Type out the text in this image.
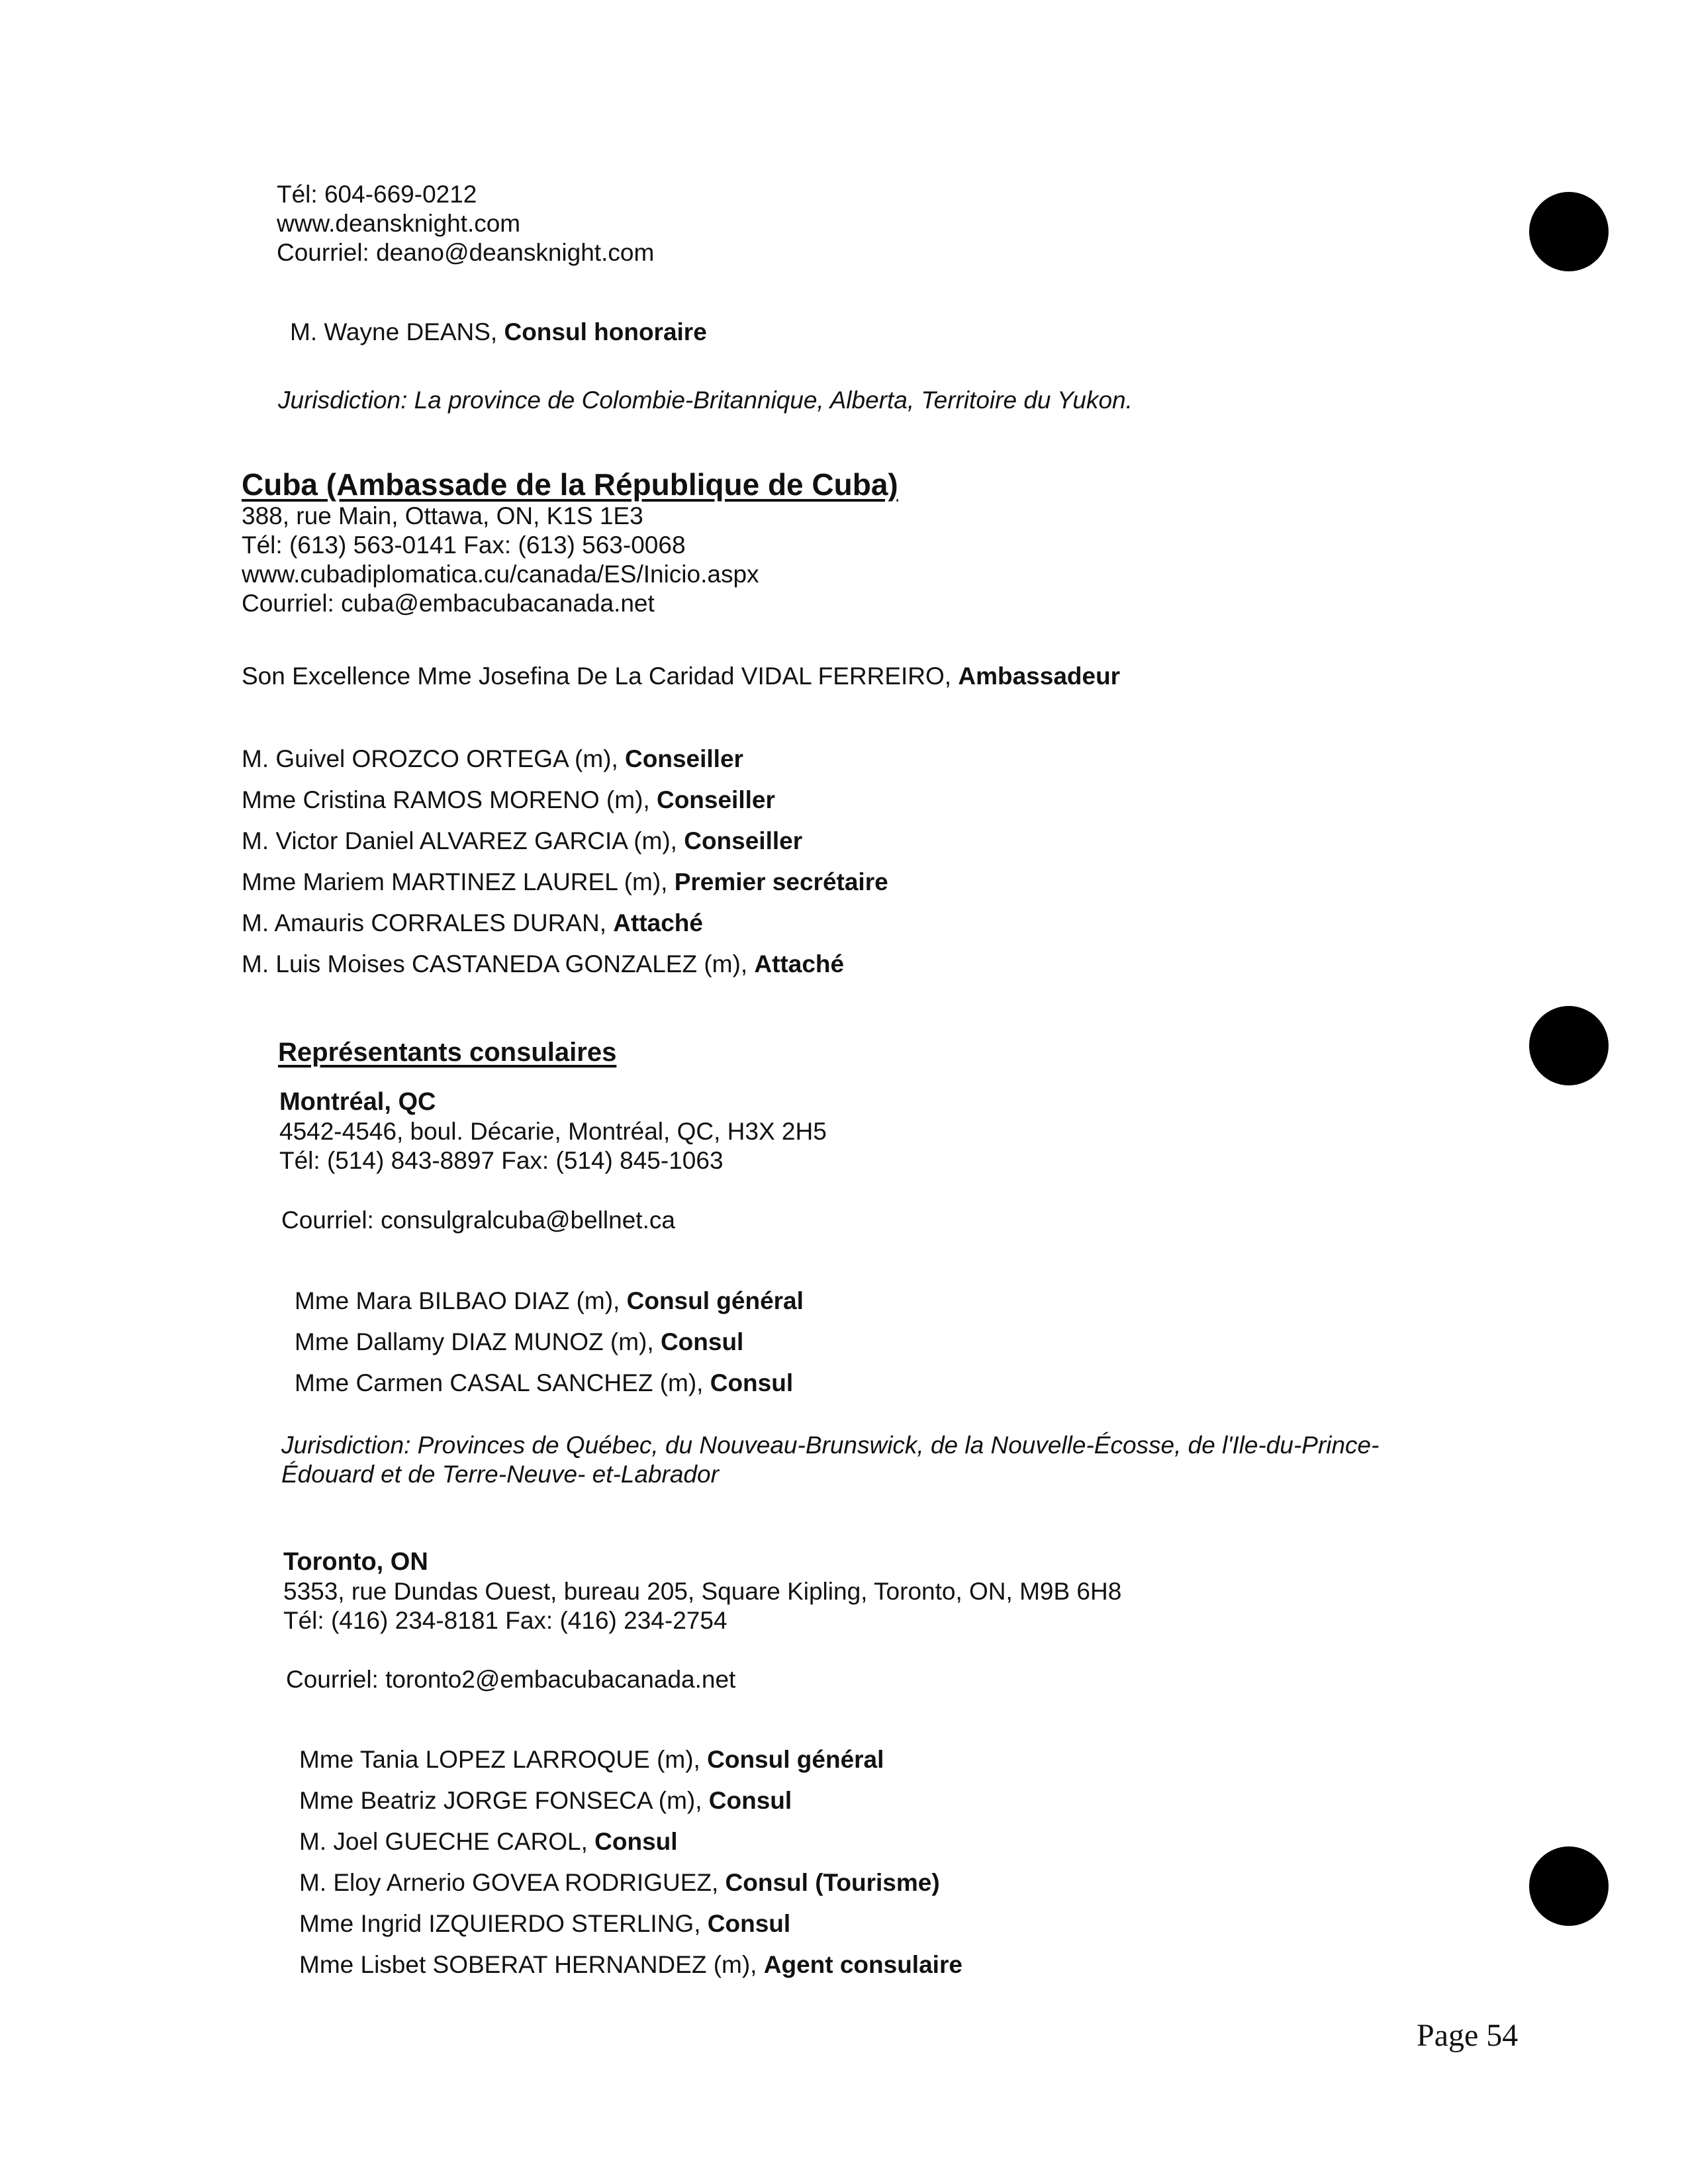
Tél: 604-669-0212
www.deansknight.com
Courriel: deano@deansknight.com
M. Wayne DEANS, Consul honoraire
Jurisdiction: La province de Colombie-Britannique, Alberta, Territoire du Yukon.
Cuba (Ambassade de la République de Cuba)
388, rue Main, Ottawa, ON, K1S 1E3
Tél: (613) 563-0141 Fax: (613) 563-0068
www.cubadiplomatica.cu/canada/ES/Inicio.aspx
Courriel: cuba@embacubacanada.net
Son Excellence Mme Josefina De La Caridad VIDAL FERREIRO, Ambassadeur
M. Guivel OROZCO ORTEGA (m), Conseiller
Mme Cristina RAMOS MORENO (m), Conseiller
M. Victor Daniel ALVAREZ GARCIA (m), Conseiller
Mme Mariem MARTINEZ LAUREL (m), Premier secrétaire
M. Amauris CORRALES DURAN, Attaché
M. Luis Moises CASTANEDA GONZALEZ (m), Attaché
Représentants consulaires
Montréal, QC
4542-4546, boul. Décarie, Montréal, QC, H3X 2H5
Tél: (514) 843-8897 Fax: (514) 845-1063
Courriel: consulgralcuba@bellnet.ca
Mme Mara BILBAO DIAZ (m), Consul général
Mme Dallamy DIAZ MUNOZ (m), Consul
Mme Carmen CASAL SANCHEZ (m), Consul
Jurisdiction: Provinces de Québec, du Nouveau-Brunswick, de la Nouvelle-Écosse, de l'Ile-du-Prince-
Édouard et de Terre-Neuve- et-Labrador
Toronto, ON
5353, rue Dundas Ouest, bureau 205, Square Kipling, Toronto, ON, M9B 6H8
Tél: (416) 234-8181 Fax: (416) 234-2754
Courriel: toronto2@embacubacanada.net
Mme Tania LOPEZ LARROQUE (m), Consul général
Mme Beatriz JORGE FONSECA (m), Consul
M. Joel GUECHE CAROL, Consul
M. Eloy Arnerio GOVEA RODRIGUEZ, Consul (Tourisme)
Mme Ingrid IZQUIERDO STERLING, Consul
Mme Lisbet SOBERAT HERNANDEZ (m), Agent consulaire
Page 54
